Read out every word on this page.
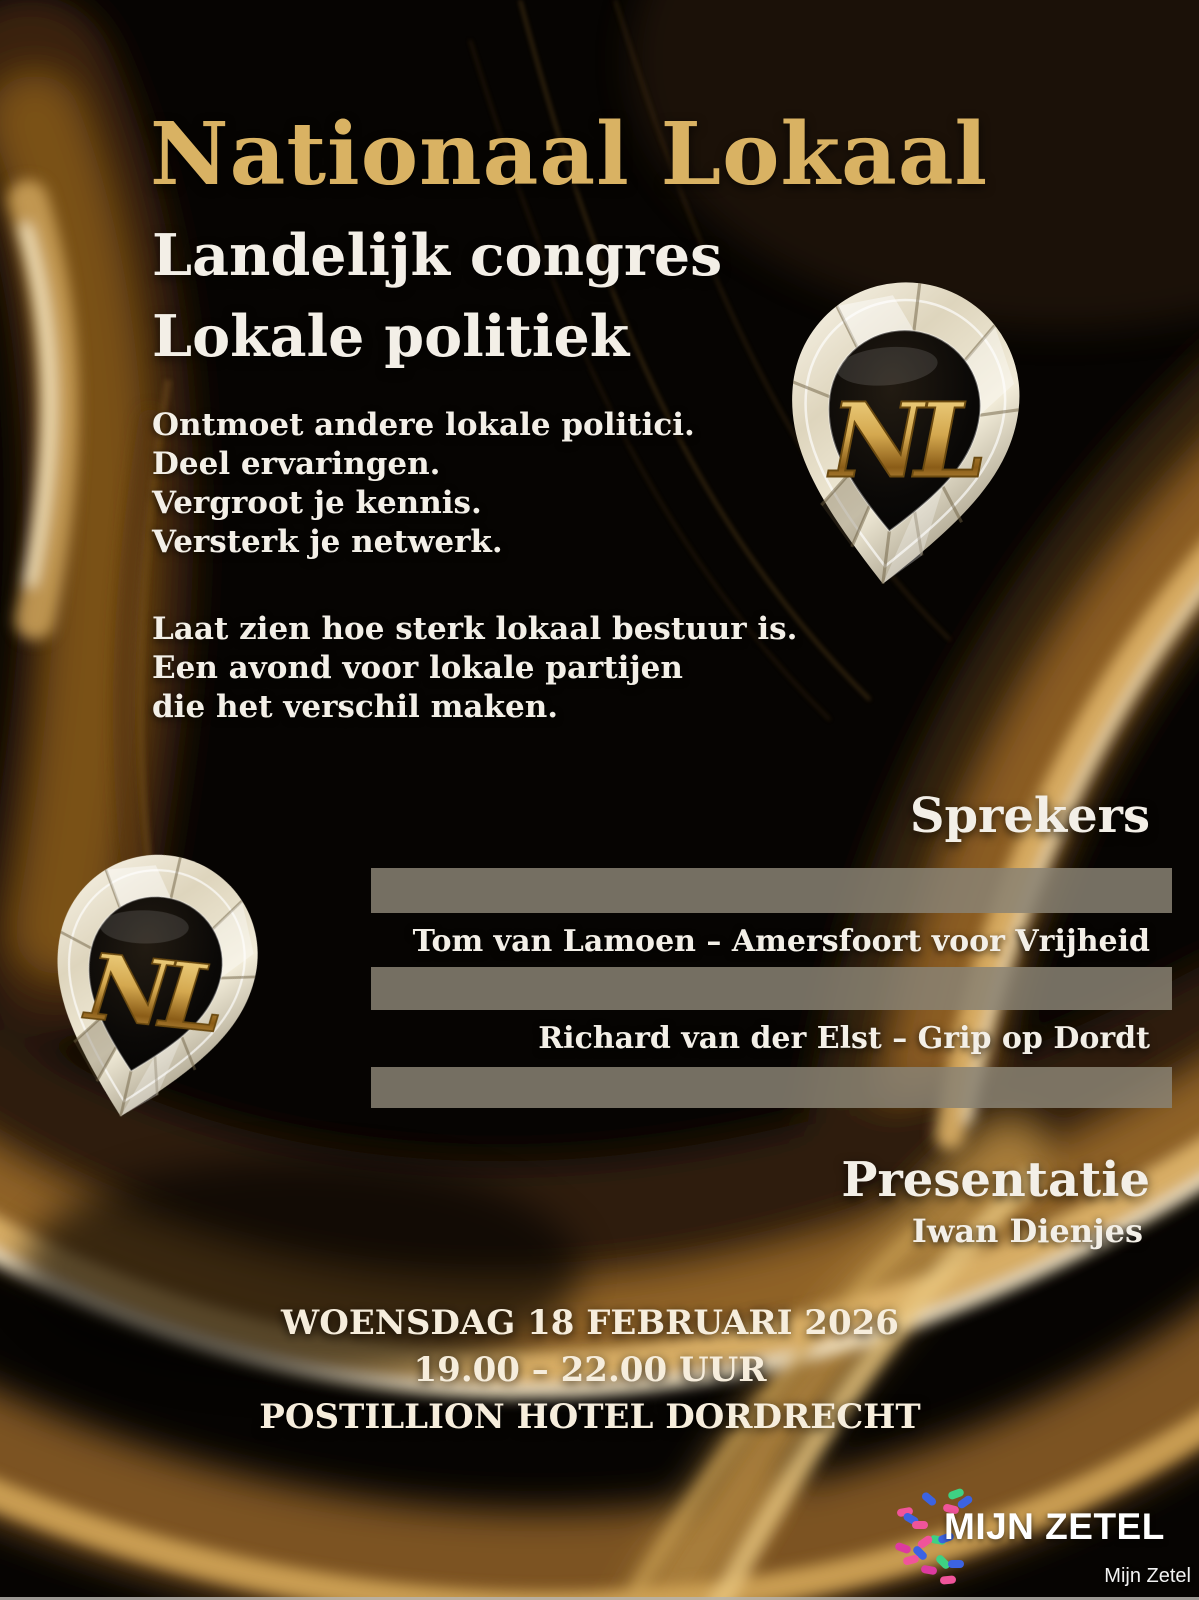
Nationaal Lokaal
Landelijk congres
Lokale politiek
Ontmoet andere lokale politici.
Deel ervaringen.
Vergroot je kennis.
Versterk je netwerk.
Laat zien hoe sterk lokaal bestuur is.
Een avond voor lokale partijen
die het verschil maken.
Sprekers
Tom van Lamoen – Amersfoort voor Vrijheid
Richard van der Elst – Grip op Dordt
Presentatie
Iwan Dienjes
WOENSDAG 18 FEBRUARI 2026
19.00 – 22.00 UUR
POSTILLION HOTEL DORDRECHT
MIJN ZETEL
Mijn Zetel
